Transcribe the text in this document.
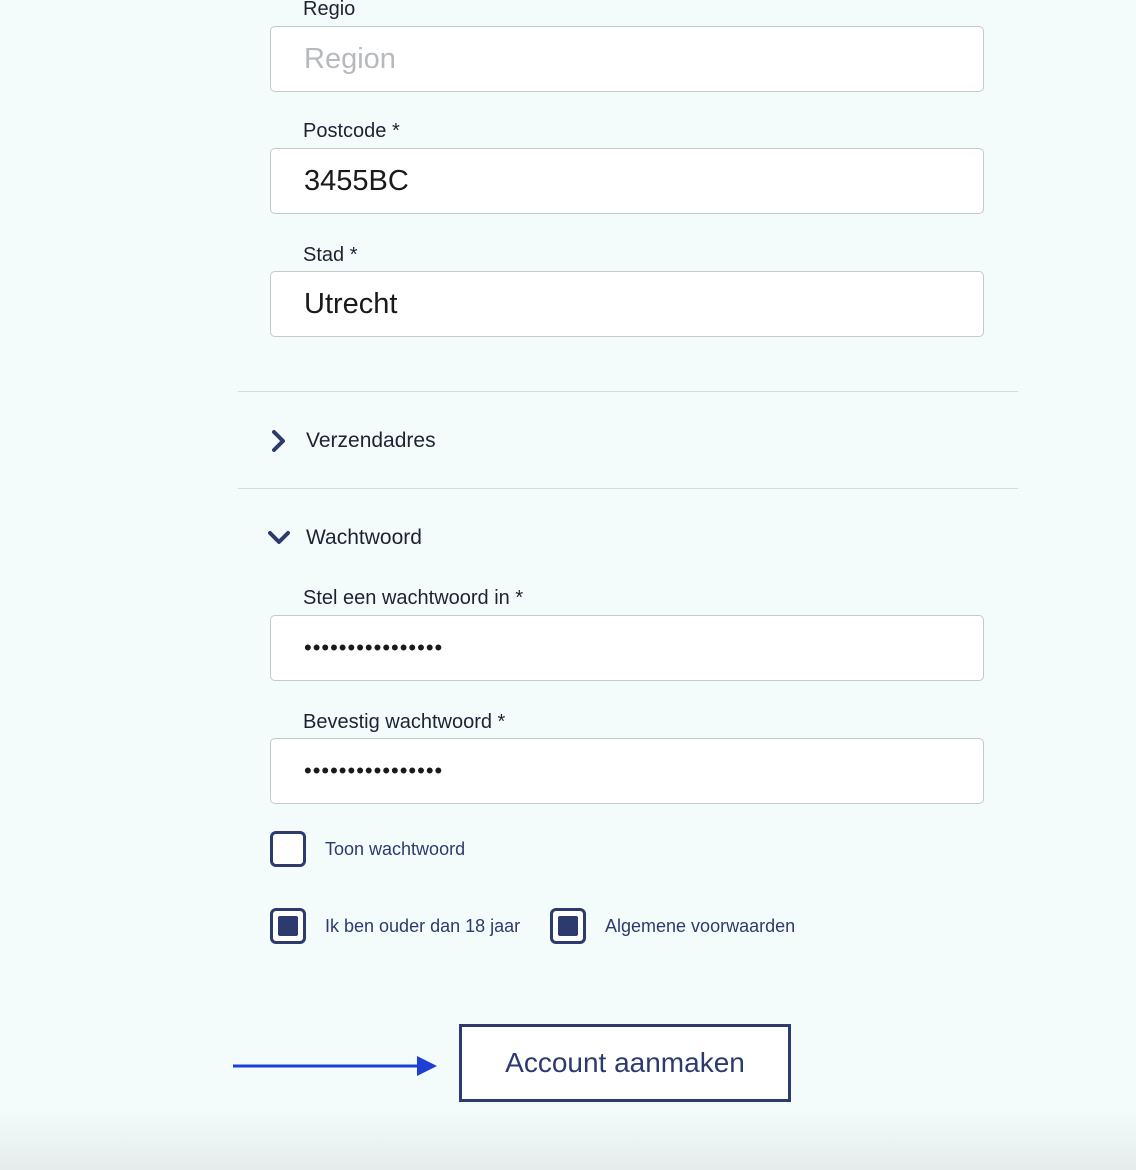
Regio
Region
Postcode *
3455BC
Stad *
Utrecht
Verzendadres
Wachtwoord
Stel een wachtwoord in *
••••••••••••••••
Bevestig wachtwoord *
••••••••••••••••
Toon wachtwoord
Ik ben ouder dan 18 jaar	Algemene voorwaarden
Account aanmaken
